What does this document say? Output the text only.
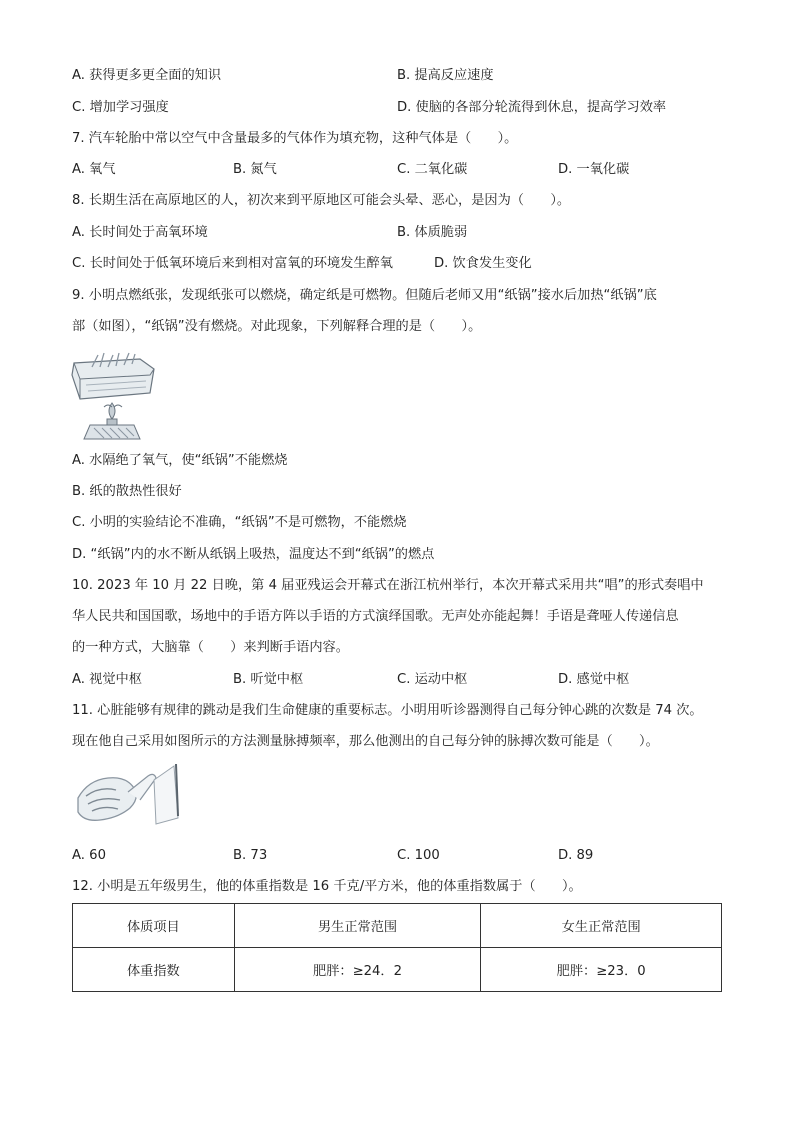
A. 获得更多更全面的知识	B. 提高反应速度
C. 增加学习强度	D. 使脑的各部分轮流得到休息，提高学习效率
7. 汽车轮胎中常以空气中含量最多的气体作为填充物，这种气体是（　　）。
A. 氧气	B. 氮气	C. 二氧化碳	D. 一氧化碳
8. 长期生活在高原地区的人，初次来到平原地区可能会头晕、恶心，是因为（　　）。
A. 长时间处于高氧环境	B. 体质脆弱
C. 长时间处于低氧环境后来到相对富氧的环境发生醉氧	D. 饮食发生变化
9. 小明点燃纸张，发现纸张可以燃烧，确定纸是可燃物。但随后老师又用“纸锅”接水后加热“纸锅”底
部（如图），“纸锅”没有燃烧。对此现象，下列解释合理的是（　　）。
A. 水隔绝了氧气，使“纸锅”不能燃烧
B. 纸的散热性很好
C. 小明的实验结论不准确，“纸锅”不是可燃物，不能燃烧
D. “纸锅”内的水不断从纸锅上吸热，温度达不到“纸锅”的燃点
10. 2023 年 10 月 22 日晚，第 4 届亚残运会开幕式在浙江杭州举行，本次开幕式采用共“唱”的形式奏唱中
华人民共和国国歌，场地中的手语方阵以手语的方式演绎国歌。无声处亦能起舞！手语是聋哑人传递信息
的一种方式，大脑靠（　　）来判断手语内容。
A. 视觉中枢	B. 听觉中枢	C. 运动中枢	D. 感觉中枢
11. 心脏能够有规律的跳动是我们生命健康的重要标志。小明用听诊器测得自己每分钟心跳的次数是 74 次。
现在他自己采用如图所示的方法测量脉搏频率，那么他测出的自己每分钟的脉搏次数可能是（　　）。
A. 60	B. 73	C. 100	D. 89
12. 小明是五年级男生，他的体重指数是 16 千克/平方米，他的体重指数属于（　　）。
体质项目	男生正常范围	女生正常范围
体重指数	肥胖：≥24．2	肥胖：≥23．0
